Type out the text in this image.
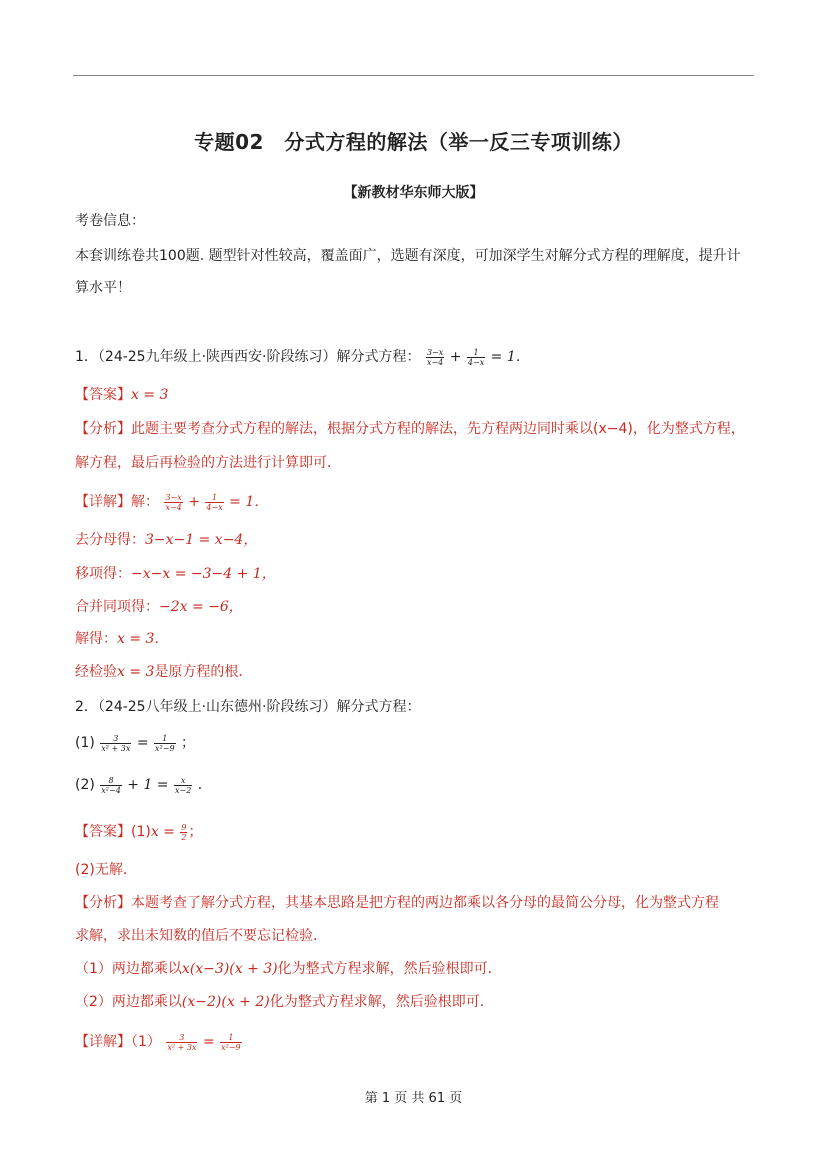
专题02　分式方程的解法（举一反三专项训练）
【新教材华东师大版】
考卷信息：
本套训练卷共100题. 题型针对性较高，覆盖面广，选题有深度，可加深学生对解分式方程的理解度，提升计
算水平！
1．（24-25九年级上·陕西西安·阶段练习）解分式方程： $\frac{3-x}{x-4} + \frac{1}{4-x} = 1$．
【答案】x = 3
【分析】此题主要考查分式方程的解法，根据分式方程的解法，先方程两边同时乘以(x−4)，化为整式方程，
解方程，最后再检验的方法进行计算即可．
【详解】解： $\frac{3-x}{x-4} + \frac{1}{4-x} = 1$．
去分母得：3−x−1 = x−4，
移项得：−x−x = −3−4 + 1，
合并同项得：−2x = −6，
解得：x = 3．
经检验x = 3是原方程的根．
2．（24-25八年级上·山东德州·阶段练习）解分式方程：
$(1) \frac{3}{\text{x² + 3x}} = \frac{1}{\text{x²−9}}$ ；
$(2) \frac{8}{\text{x²−4}} + 1 = \frac{x}{x-2}$ ．
【答案】$(1)x = \frac{9}{2}$ ；
(2)无解．
【分析】本题考查了解分式方程，其基本思路是把方程的两边都乘以各分母的最简公分母，化为整式方程
求解，求出未知数的值后不要忘记检验．
（1）两边都乘以x(x−3)(x + 3)化为整式方程求解，然后验根即可．
（2）两边都乘以(x−2)(x + 2)化为整式方程求解，然后验根即可．
【详解】$(1) \frac{3}{\text{x² + 3x}} = \frac{1}{\text{x²−9}}$
第 1 页 共 61 页
